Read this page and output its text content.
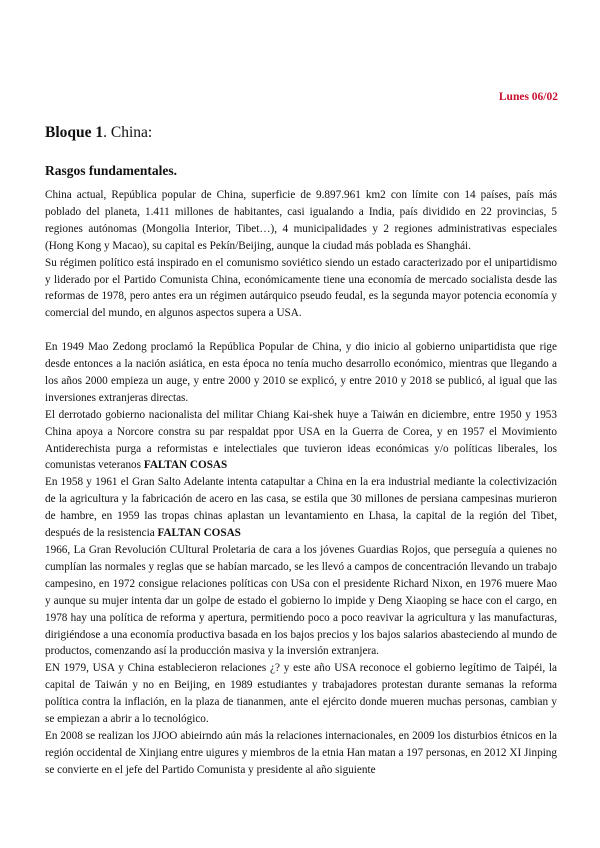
Lunes 06/02
Bloque 1. China:
Rasgos fundamentales.

China actual, República popular de China, superficie de 9.897.961 km2 con límite con 14 países, país más poblado del planeta, 1.411 millones de habitantes, casi igualando a India, país dividido en 22 provincias, 5 regiones autónomas (Mongolia Interior, Tibet…), 4 municipalidades y 2 regiones administrativas especiales (Hong Kong y Macao), su capital es Pekín/Beijing, aunque la ciudad más poblada es Shanghái.

Su régimen político está inspirado en el comunismo soviético siendo un estado caracterizado por el unipartidismo y liderado por el Partido Comunista China, económicamente tiene una economía de mercado socialista desde las reformas de 1978, pero antes era un régimen autárquico pseudo feudal, es la segunda mayor potencia economía y comercial del mundo, en algunos aspectos supera a USA.

En 1949 Mao Zedong proclamó la República Popular de China, y dio inicio al gobierno unipartidista que rige desde entonces a la nación asiática, en esta época no tenía mucho desarrollo económico, mientras que llegando a los años 2000 empieza un auge, y entre 2000 y 2010 se explicó, y entre 2010 y 2018 se publicó, al igual que las inversiones extranjeras directas.

El derrotado gobierno nacionalista del militar Chiang Kai-shek huye a Taiwán en diciembre, entre 1950 y 1953 China apoya a Norcore constra su par respaldat ppor USA en la Guerra de Corea, y en 1957 el Movimiento Antiderechista purga a reformistas e intelectiales que tuvieron ideas económicas y/o políticas liberales, los comunistas veteranos FALTAN COSAS

En 1958 y 1961 el Gran Salto Adelante intenta catapultar a China en la era industrial mediante la colectivización de la agricultura y la fabricación de acero en las casa, se estila que 30 millones de persiana campesinas murieron de hambre, en 1959 las tropas chinas aplastan un levantamiento en Lhasa, la capital de la región del Tibet, después de la resistencia FALTAN COSAS

1966, La Gran Revolución CUltural Proletaria de cara a los jóvenes Guardias Rojos, que perseguía a quienes no cumplían las normales y reglas que se habían marcado, se les llevó a campos de concentración llevando un trabajo campesino, en 1972 consigue relaciones políticas con USa con el presidente Richard Nixon, en 1976 muere Mao y aunque su mujer intenta dar un golpe de estado el gobierno lo impide y Deng Xiaoping se hace con el cargo, en 1978 hay una política de reforma y apertura, permitiendo poco a poco reavivar la agricultura y las manufacturas, dirigiéndose a una economía productiva basada en los bajos precios y los bajos salarios abasteciendo al mundo de productos, comenzando así la producción masiva y la inversión extranjera.

EN 1979, USA y China establecieron relaciones ¿? y este año USA reconoce el gobierno legítimo de Taipéi, la capital de Taiwán y no en Beijing, en 1989 estudiantes y trabajadores protestan durante semanas la reforma política contra la inflación, en la plaza de tiananmen, ante el ejército donde mueren muchas personas, cambian y se empiezan a abrir a lo tecnológico.

En 2008 se realizan los JJOO abieirndo aún más la relaciones internacionales, en 2009 los disturbios étnicos en la región occidental de Xinjiang entre uigures y miembros de la etnia Han matan a 197 personas, en 2012 XI Jinping se convierte en el jefe del Partido Comunista y presidente al año siguiente
